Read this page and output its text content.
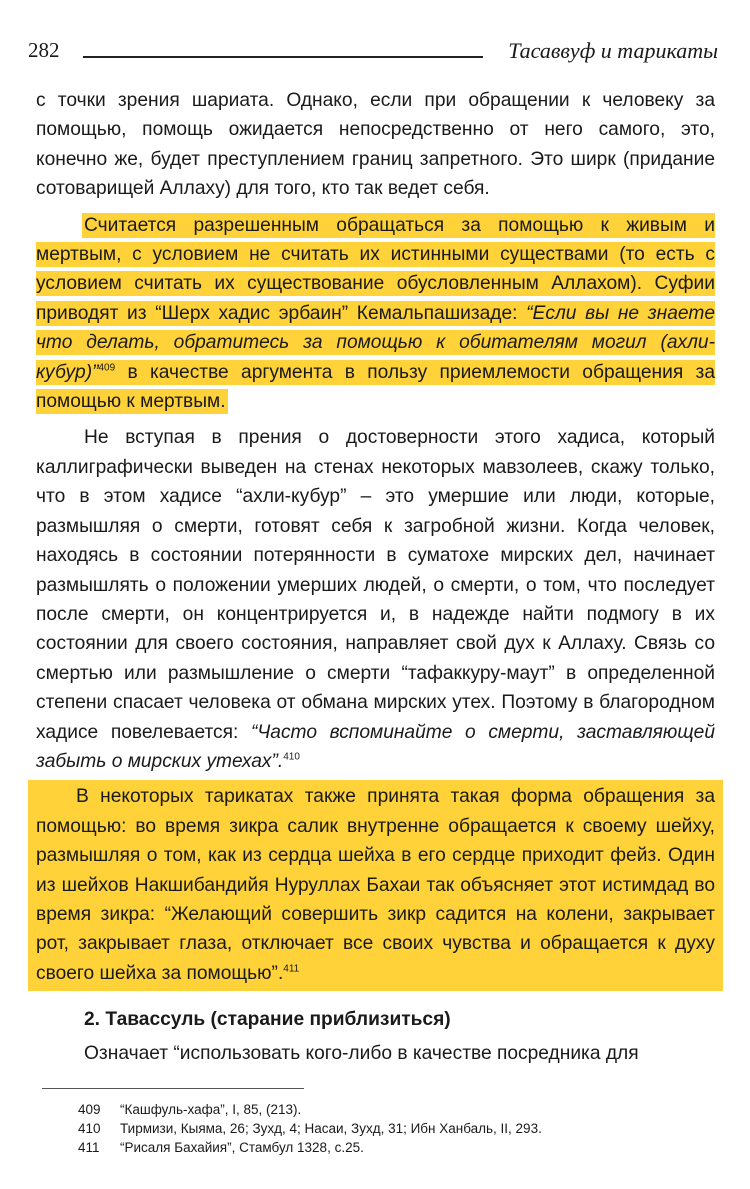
282	Тасаввуф и тарикаты

с точки зрения шариата. Однако, если при обращении к человеку за помощью, помощь ожидается непосредственно от него самого, это, конечно же, будет преступлением границ запретного. Это ширк (придание сотоварищей Аллаху) для того, кто так ведет себя.

Считается разрешенным обращаться за помощью к живым и мертвым, с условием не считать их истинными существами (то есть с условием считать их существование обусловленным Аллахом). Суфии приводят из “Шерх хадис эрбаин” Кемальпашизаде: “Если вы не знаете что делать, обратитесь за помощью к обитателям могил (ахли-кубур)”$^{409}$ в качестве аргумента в пользу приемлемости обращения за помощью к мертвым.

Не вступая в прения о достоверности этого хадиса, который каллиграфически выведен на стенах некоторых мавзолеев, скажу только, что в этом хадисе “ахли-кубур” – это умершие или люди, которые, размышляя о смерти, готовят себя к загробной жизни. Когда человек, находясь в состоянии потерянности в суматохе мирских дел, начинает размышлять о положении умерших людей, о смерти, о том, что последует после смерти, он концентрируется и, в надежде найти подмогу в их состоянии для своего состояния, направляет свой дух к Аллаху. Связь со смертью или размышление о смерти “тафаккуру-маут” в определенной степени спасает человека от обмана мирских утех. Поэтому в благородном хадисе повелевается: “Часто вспоминайте о смерти, заставляющей забыть о мирских утехах”.$^{410}$

В некоторых тарикатах также принята такая форма обращения за помощью: во время зикра салик внутренне обращается к своему шейху, размышляя о том, как из сердца шейха в его сердце приходит фейз. Один из шейхов Накшибандийя Нуруллах Бахаи так объясняет этот истимдад во время зикра: “Желающий совершить зикр садится на колени, закрывает рот, закрывает глаза, отключает все своих чувства и обращается к духу своего шейха за помощью”.$^{411}$

2. Тавассуль (старание приблизиться)

Означает “использовать кого-либо в качестве посредника для

409 “Кашфуль-хафа”, I, 85, (213).
410 Тирмизи, Кыяма, 26; Зухд, 4; Насаи, Зухд, 31; Ибн Ханбаль, II, 293.
411 “Рисаля Бахайия”, Стамбул 1328, с.25.
